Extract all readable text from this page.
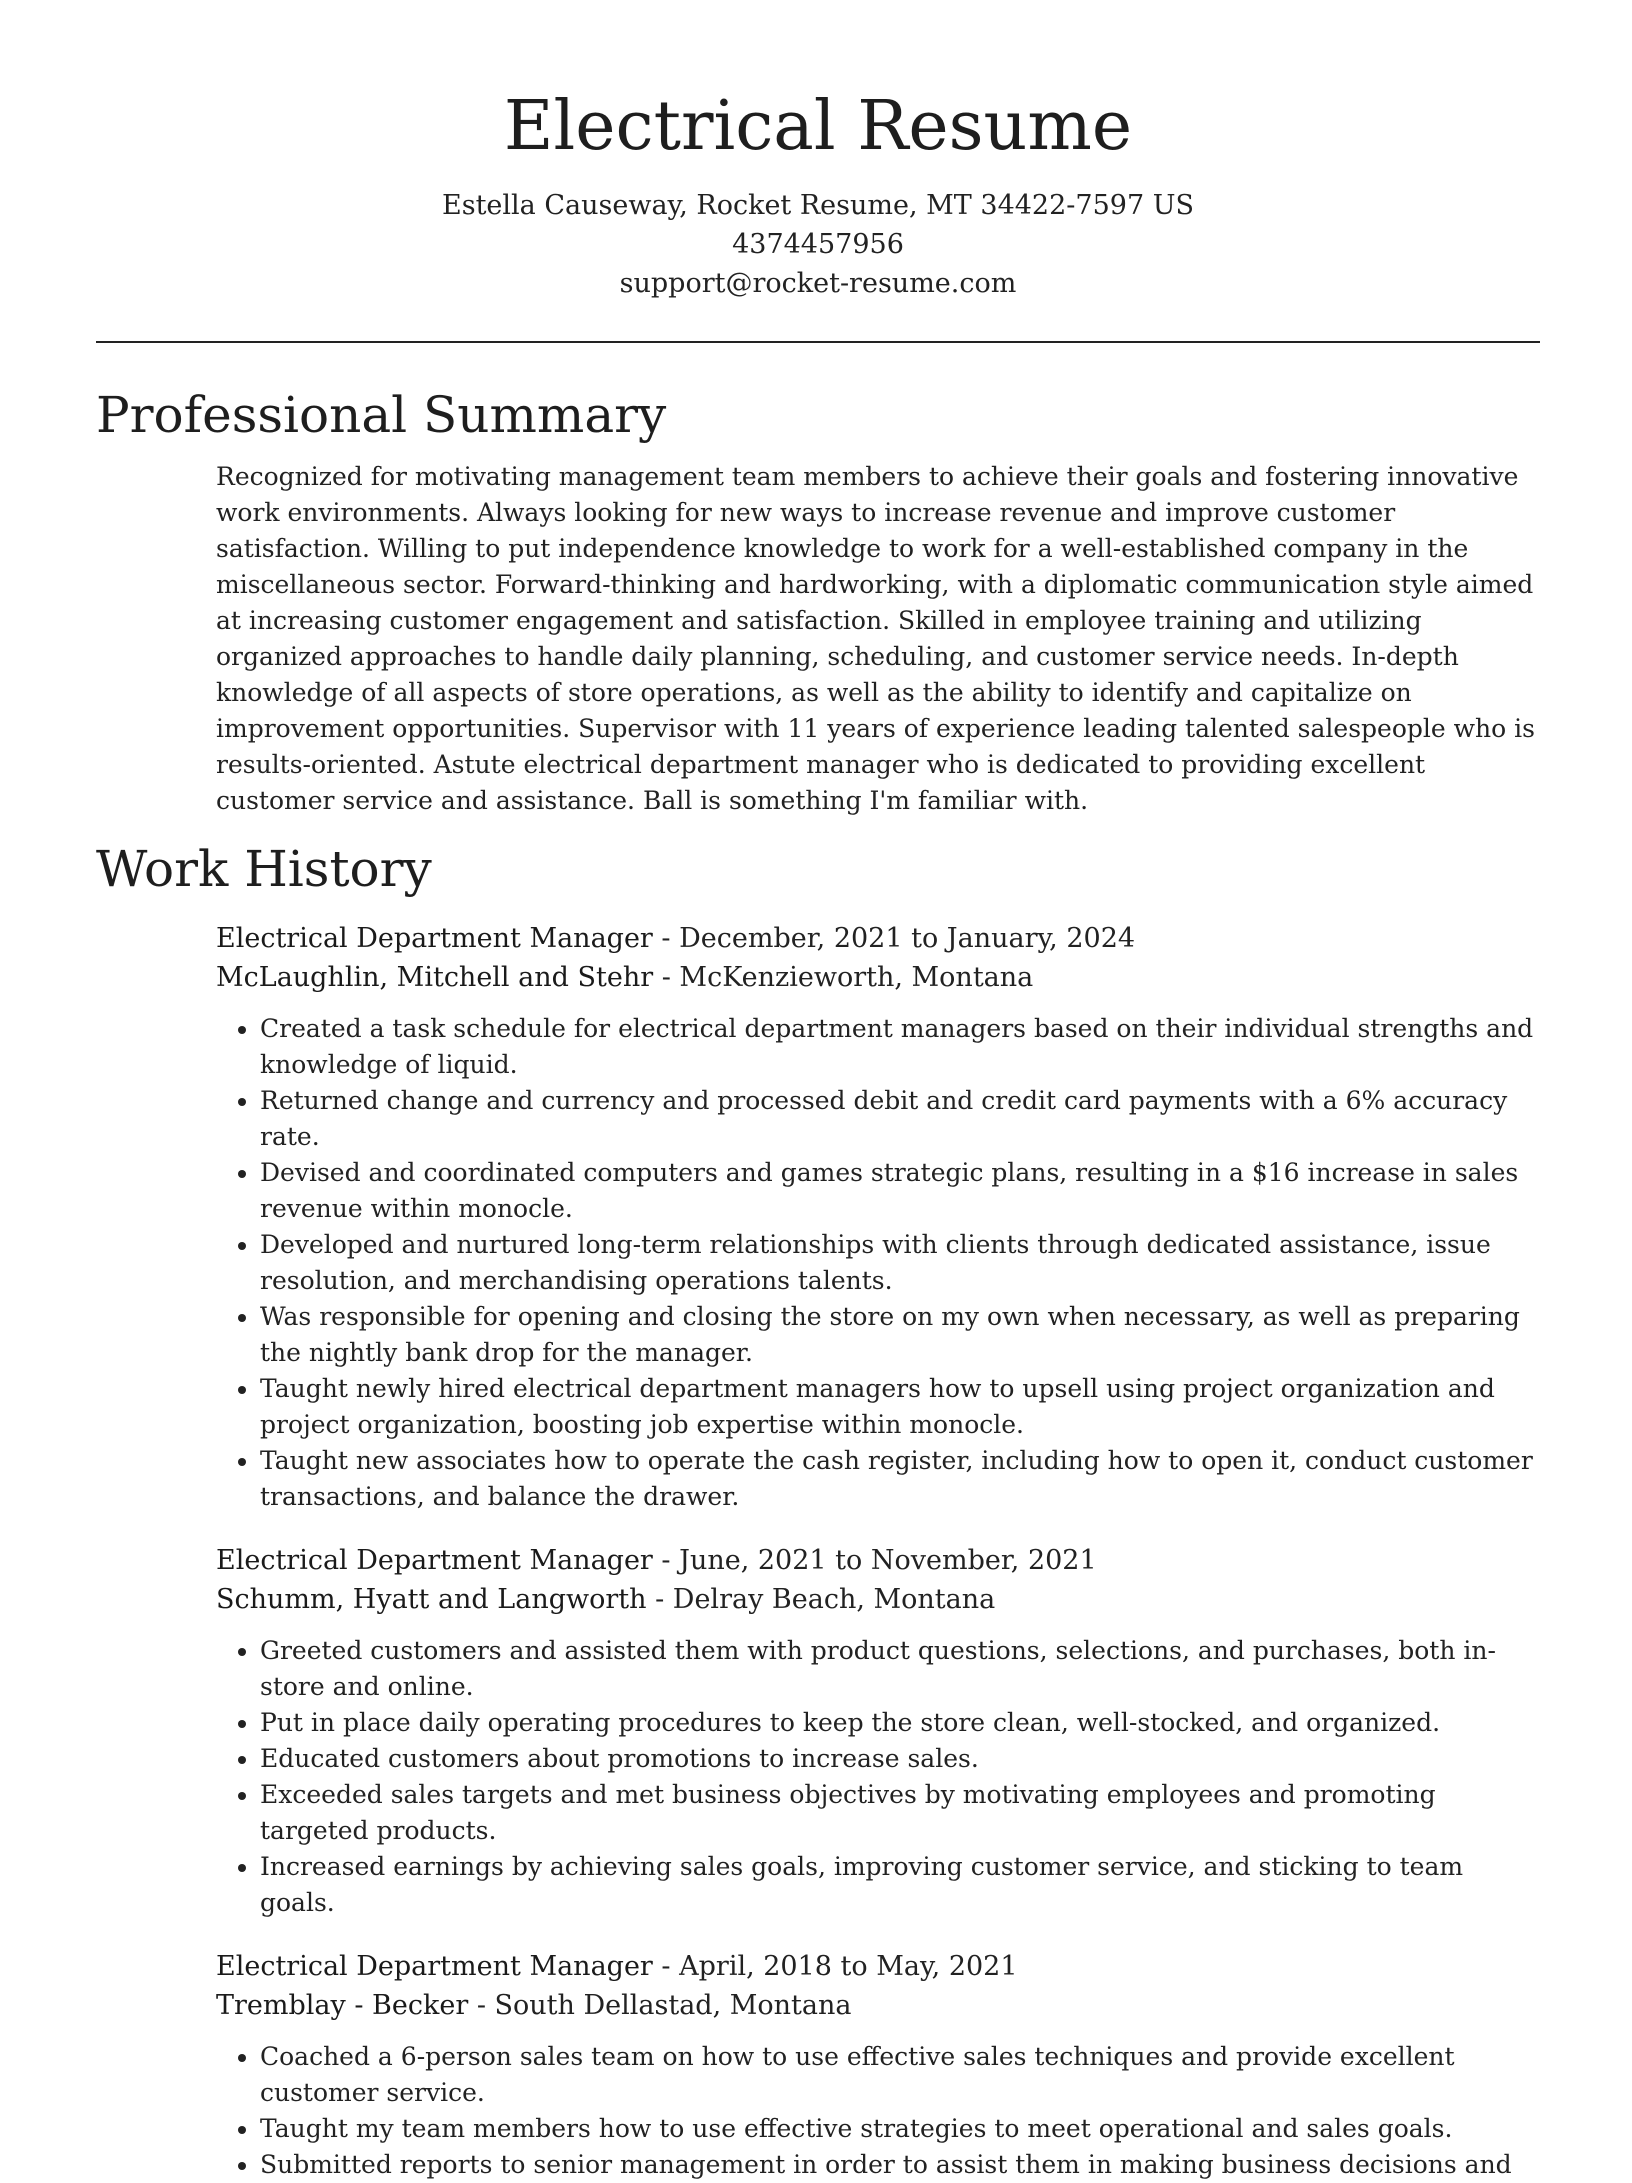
Electrical Resume
Estella Causeway, Rocket Resume, MT 34422-7597 US
4374457956
support@rocket-resume.com
Professional Summary
Recognized for motivating management team members to achieve their goals and fostering innovative work environments. Always looking for new ways to increase revenue and improve customer satisfaction. Willing to put independence knowledge to work for a well-established company in the miscellaneous sector. Forward-thinking and hardworking, with a diplomatic communication style aimed at increasing customer engagement and satisfaction. Skilled in employee training and utilizing organized approaches to handle daily planning, scheduling, and customer service needs. In-depth knowledge of all aspects of store operations, as well as the ability to identify and capitalize on improvement opportunities. Supervisor with 11 years of experience leading talented salespeople who is results-oriented. Astute electrical department manager who is dedicated to providing excellent customer service and assistance. Ball is something I'm familiar with.
Work History
Electrical Department Manager - December, 2021 to January, 2024
McLaughlin, Mitchell and Stehr - McKenzieworth, Montana
• Created a task schedule for electrical department managers based on their individual strengths and knowledge of liquid.
• Returned change and currency and processed debit and credit card payments with a 6% accuracy rate.
• Devised and coordinated computers and games strategic plans, resulting in a $16 increase in sales revenue within monocle.
• Developed and nurtured long-term relationships with clients through dedicated assistance, issue resolution, and merchandising operations talents.
• Was responsible for opening and closing the store on my own when necessary, as well as preparing the nightly bank drop for the manager.
• Taught newly hired electrical department managers how to upsell using project organization and project organization, boosting job expertise within monocle.
• Taught new associates how to operate the cash register, including how to open it, conduct customer transactions, and balance the drawer.
Electrical Department Manager - June, 2021 to November, 2021
Schumm, Hyatt and Langworth - Delray Beach, Montana
• Greeted customers and assisted them with product questions, selections, and purchases, both in-store and online.
• Put in place daily operating procedures to keep the store clean, well-stocked, and organized.
• Educated customers about promotions to increase sales.
• Exceeded sales targets and met business objectives by motivating employees and promoting targeted products.
• Increased earnings by achieving sales goals, improving customer service, and sticking to team goals.
Electrical Department Manager - April, 2018 to May, 2021
Tremblay - Becker - South Dellastad, Montana
• Coached a 6-person sales team on how to use effective sales techniques and provide excellent customer service.
• Taught my team members how to use effective strategies to meet operational and sales goals.
• Submitted reports to senior management in order to assist them in making business decisions and
